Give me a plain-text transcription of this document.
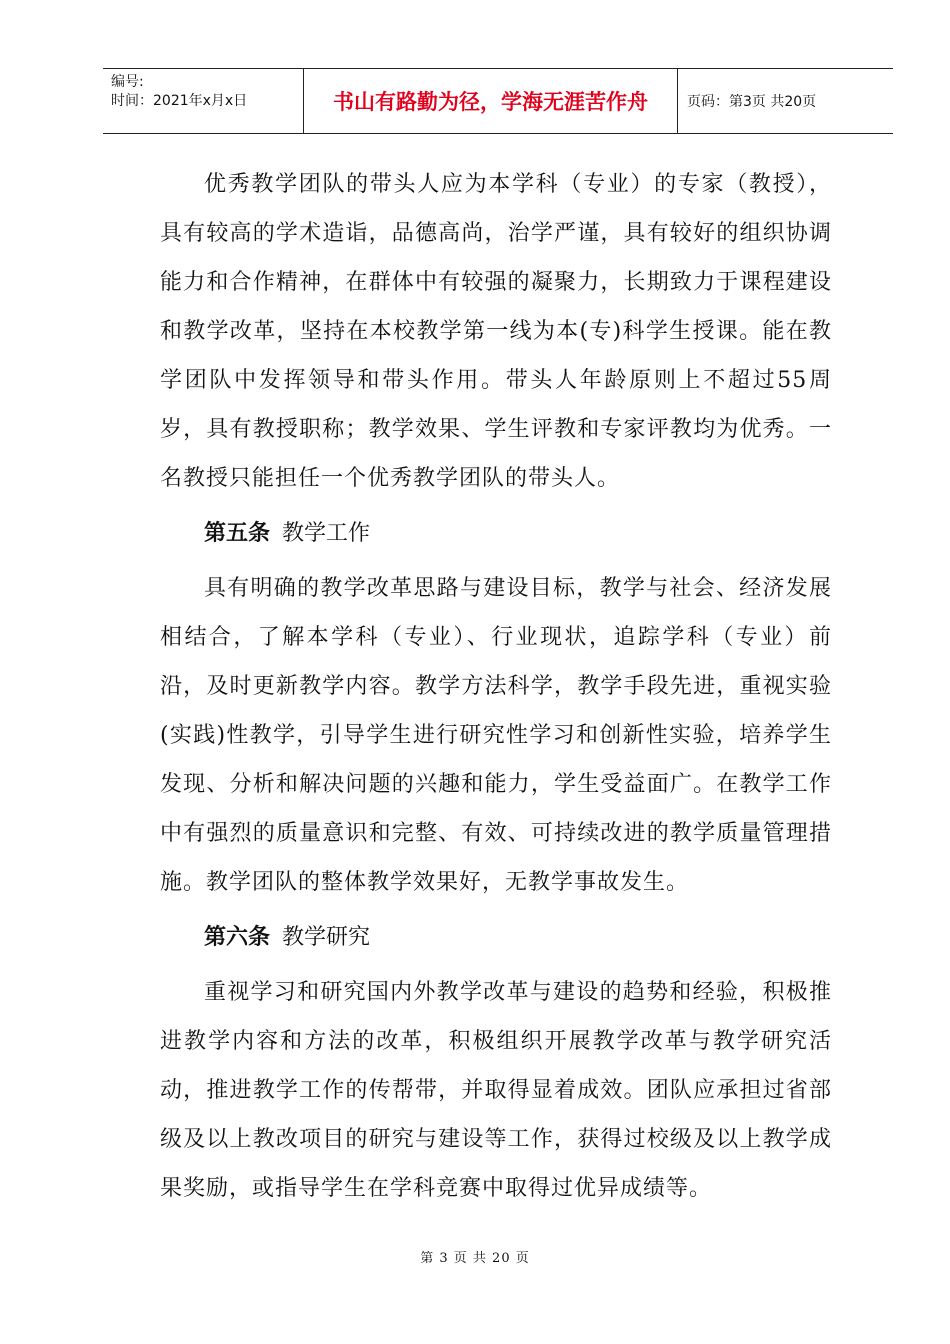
编号:
时间：2021年x月x日	书山有路勤为径，学海无涯苦作舟	页码：第3页 共20页

优秀教学团队的带头人应为本学科（专业）的专家（教授），具有较高的学术造诣，品德高尚，治学严谨，具有较好的组织协调能力和合作精神，在群体中有较强的凝聚力，长期致力于课程建设和教学改革，坚持在本校教学第一线为本(专)科学生授课。能在教学团队中发挥领导和带头作用。带头人年龄原则上不超过55周岁，具有教授职称；教学效果、学生评教和专家评教均为优秀。一名教授只能担任一个优秀教学团队的带头人。

第五条 教学工作

具有明确的教学改革思路与建设目标，教学与社会、经济发展相结合，了解本学科（专业）、行业现状，追踪学科（专业）前沿，及时更新教学内容。教学方法科学，教学手段先进，重视实验(实践)性教学，引导学生进行研究性学习和创新性实验，培养学生发现、分析和解决问题的兴趣和能力，学生受益面广。在教学工作中有强烈的质量意识和完整、有效、可持续改进的教学质量管理措施。教学团队的整体教学效果好，无教学事故发生。

第六条 教学研究

重视学习和研究国内外教学改革与建设的趋势和经验，积极推进教学内容和方法的改革，积极组织开展教学改革与教学研究活动，推进教学工作的传帮带，并取得显着成效。团队应承担过省部级及以上教改项目的研究与建设等工作，获得过校级及以上教学成果奖励，或指导学生在学科竞赛中取得过优异成绩等。

第 3 页 共 20 页
